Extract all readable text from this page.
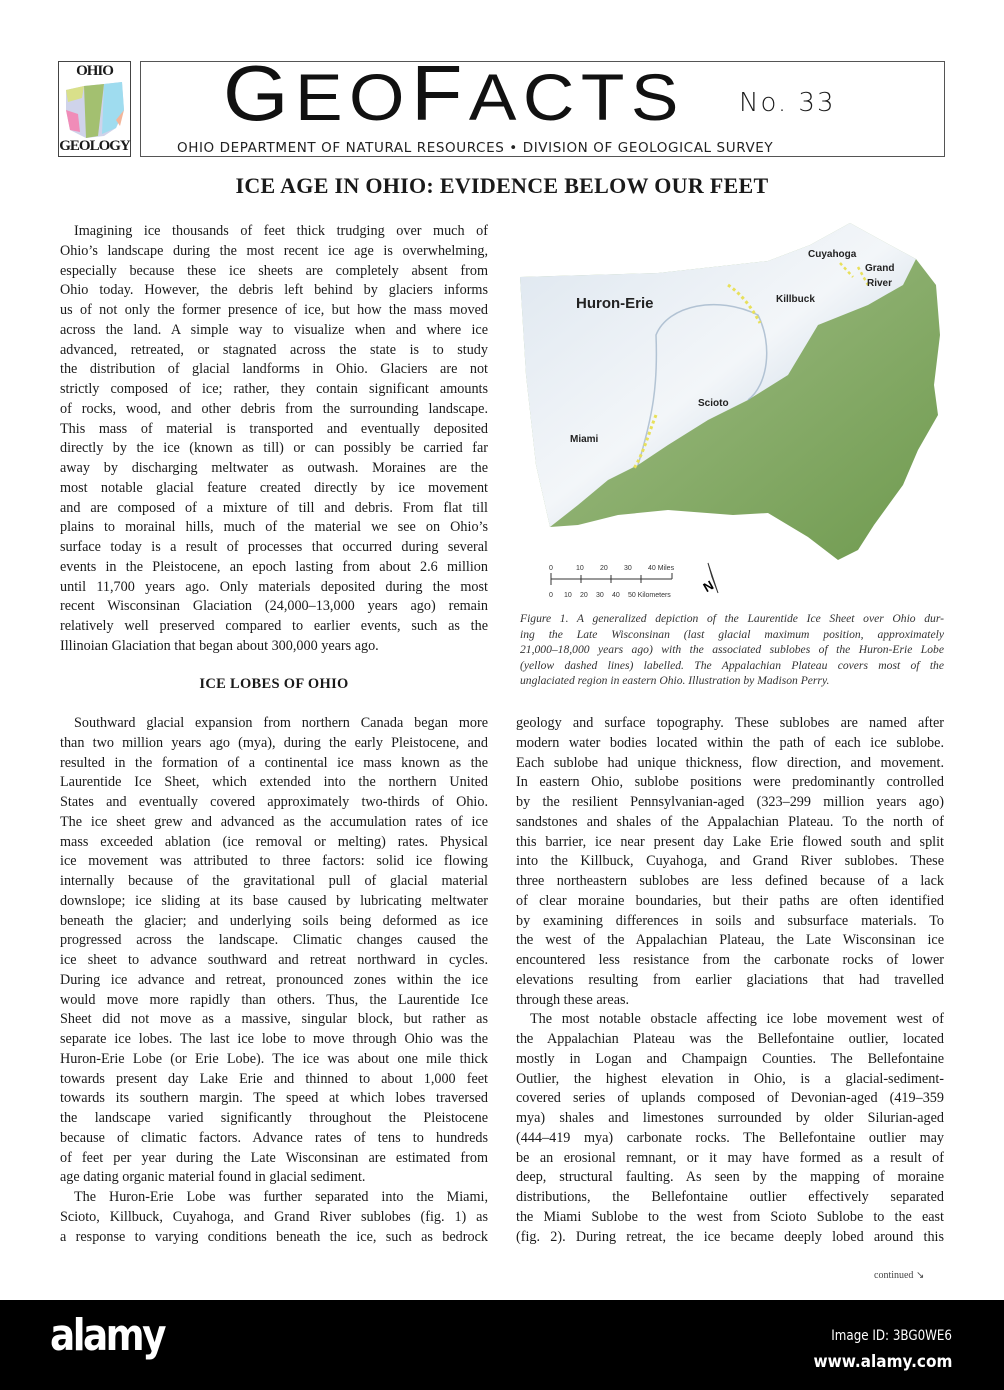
OHIO
GEOLOGY
GEOFACTS No. 33
OHIO DEPARTMENT OF NATURAL RESOURCES • DIVISION OF GEOLOGICAL SURVEY
ICE AGE IN OHIO: EVIDENCE BELOW OUR FEET
Imagining ice thousands of feet thick trudging over much of
Ohio’s landscape during the most recent ice age is overwhelming,
especially because these ice sheets are completely absent from
Ohio today. However, the debris left behind by glaciers informs
us of not only the former presence of ice, but how the mass moved
across the land. A simple way to visualize when and where ice
advanced, retreated, or stagnated across the state is to study
the distribution of glacial landforms in Ohio. Glaciers are not
strictly composed of ice; rather, they contain significant amounts
of rocks, wood, and other debris from the surrounding landscape.
This mass of material is transported and eventually deposited
directly by the ice (known as till) or can possibly be carried far
away by discharging meltwater as outwash. Moraines are the
most notable glacial feature created directly by ice movement
and are composed of a mixture of till and debris. From flat till
plains to morainal hills, much of the material we see on Ohio’s
surface today is a result of processes that occurred during several
events in the Pleistocene, an epoch lasting from about 2.6 million
until 11,700 years ago. Only materials deposited during the most
recent Wisconsinan Glaciation (24,000–13,000 years ago) remain
relatively well preserved compared to earlier events, such as the
Illinoian Glaciation that began about 300,000 years ago.
ICE LOBES OF OHIO
Southward glacial expansion from northern Canada began more
than two million years ago (mya), during the early Pleistocene, and
resulted in the formation of a continental ice mass known as the
Laurentide Ice Sheet, which extended into the northern United
States and eventually covered approximately two-thirds of Ohio.
The ice sheet grew and advanced as the accumulation rates of ice
mass exceeded ablation (ice removal or melting) rates. Physical
ice movement was attributed to three factors: solid ice flowing
internally because of the gravitational pull of glacial material
downslope; ice sliding at its base caused by lubricating meltwater
beneath the glacier; and underlying soils being deformed as ice
progressed across the landscape. Climatic changes caused the
ice sheet to advance southward and retreat northward in cycles.
During ice advance and retreat, pronounced zones within the ice
would move more rapidly than others. Thus, the Laurentide Ice
Sheet did not move as a massive, singular block, but rather as
separate ice lobes. The last ice lobe to move through Ohio was the
Huron-Erie Lobe (or Erie Lobe). The ice was about one mile thick
towards present day Lake Erie and thinned to about 1,000 feet
towards its southern margin. The speed at which lobes traversed
the landscape varied significantly throughout the Pleistocene
because of climatic factors. Advance rates of tens to hundreds
of feet per year during the Late Wisconsinan are estimated from
age dating organic material found in glacial sediment.
The Huron-Erie Lobe was further separated into the Miami,
Scioto, Killbuck, Cuyahoga, and Grand River sublobes (fig. 1) as
a response to varying conditions beneath the ice, such as bedrock
geology and surface topography. These sublobes are named after
modern water bodies located within the path of each ice sublobe.
Each sublobe had unique thickness, flow direction, and movement.
In eastern Ohio, sublobe positions were predominantly controlled
by the resilient Pennsylvanian-aged (323–299 million years ago)
sandstones and shales of the Appalachian Plateau. To the north of
this barrier, ice near present day Lake Erie flowed south and split
into the Killbuck, Cuyahoga, and Grand River sublobes. These
three northeastern sublobes are less defined because of a lack
of clear moraine boundaries, but their paths are often identified
by examining differences in soils and subsurface materials. To
the west of the Appalachian Plateau, the Late Wisconsinan ice
encountered less resistance from the carbonate rocks of lower
elevations resulting from earlier glaciations that had travelled
through these areas.
The most notable obstacle affecting ice lobe movement west of
the Appalachian Plateau was the Bellefontaine outlier, located
mostly in Logan and Champaign Counties. The Bellefontaine
Outlier, the highest elevation in Ohio, is a glacial-sediment-
covered series of uplands composed of Devonian-aged (419–359
mya) shales and limestones surrounded by older Silurian-aged
(444–419 mya) carbonate rocks. The Bellefontaine outlier may
be an erosional remnant, or it may have formed as a result of
deep, structural faulting. As seen by the mapping of moraine
distributions, the Bellefontaine outlier effectively separated
the Miami Sublobe to the west from Scioto Sublobe to the east
(fig. 2). During retreat, the ice became deeply lobed around this
Huron-Erie	Killbuck
Cuyahoga
Grand
River
Scioto
Miami
0	10 20 30 40 Miles
0 10 20 30 40 50 Kilometers
N
Figure 1. A generalized depiction of the Laurentide Ice Sheet over Ohio dur-
ing the Late Wisconsinan (last glacial maximum position, approximately
21,000–18,000 years ago) with the associated sublobes of the Huron-Erie Lobe
(yellow dashed lines) labelled. The Appalachian Plateau covers most of the
unglaciated region in eastern Ohio. Illustration by Madison Perry.
continued ↘
alamy	Image ID: 3BG0WE6
www.alamy.com
